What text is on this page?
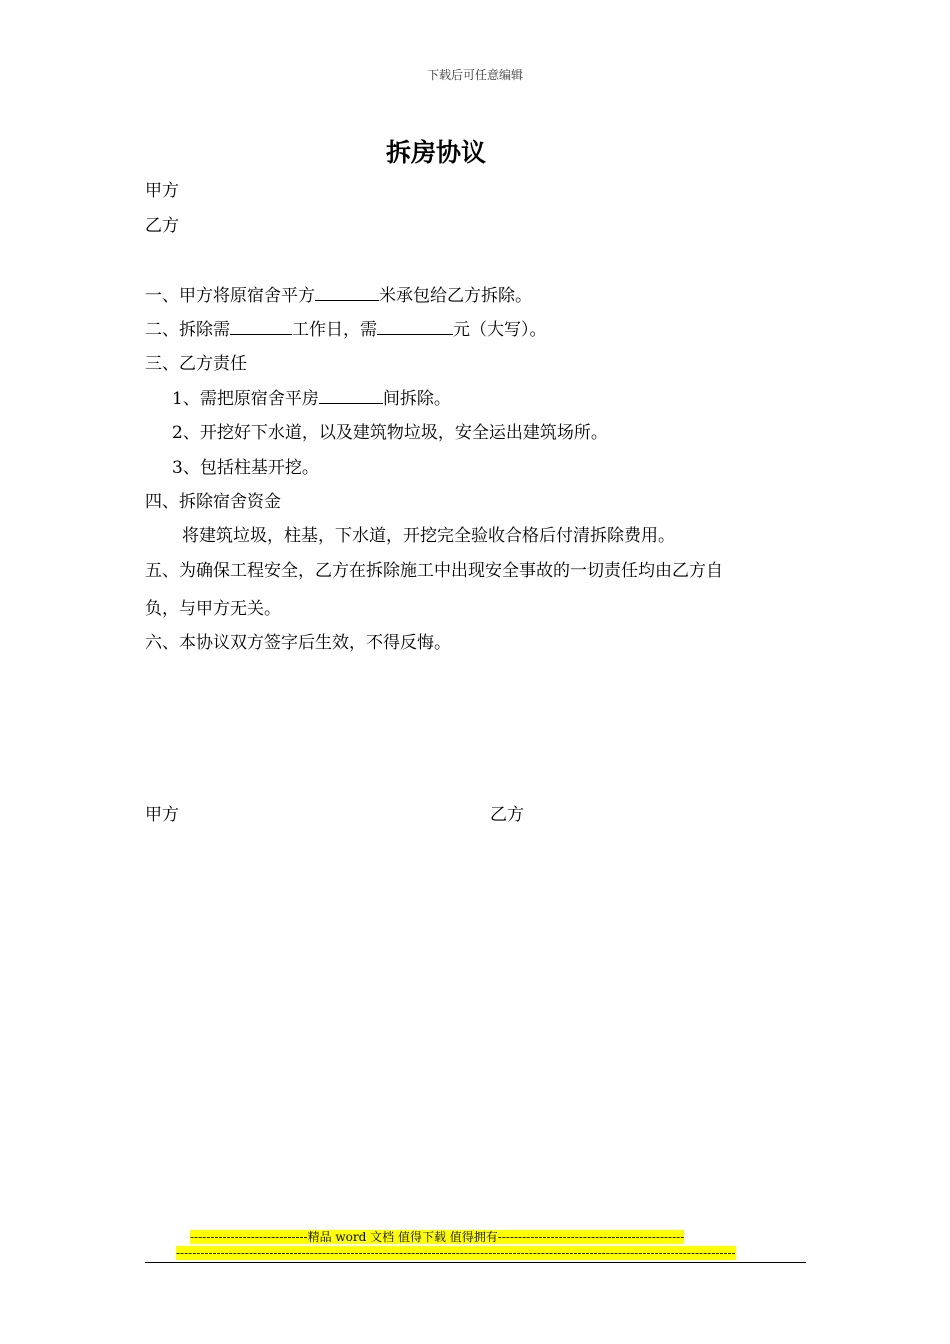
下载后可任意编辑
拆房协议
甲方
乙方
一、甲方将原宿舍平方	米承包给乙方拆除。
二、拆除需	工作日，需	元（大写）。
三、乙方责任
1、需把原宿舍平房	间拆除。
2、开挖好下水道，以及建筑物垃圾，安全运出建筑场所。
3、包括柱基开挖。
四、拆除宿舍资金
将建筑垃圾，柱基，下水道，开挖完全验收合格后付清拆除费用。
五、为确保工程安全，乙方在拆除施工中出现安全事故的一切责任均由乙方自
负，与甲方无关。
六、本协议双方签字后生效，不得反悔。
甲方	乙方
-----------------------------精品 word 文档 值得下载 值得拥有----------------------------------------------
------------------------------------------------------------------------------------------------------------------------------------------
